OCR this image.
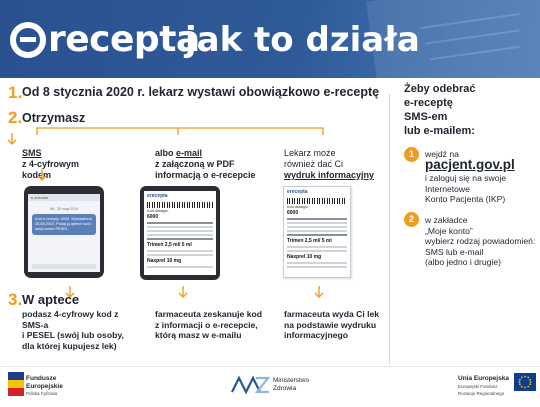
recepta
jak to działa
1. Od 8 stycznia 2020 r. lekarz wystawi obowiązkowo e-receptę
2. Otrzymasz
SMS
z 4-cyfrowym
kodem
albo e-mail
z załączoną w PDF
informacją o e-recepcie
Lekarz może
również dać Ci
wydruk informacyjny
e-zdrowie
Wt., 28 maja 2019
Kod e-recepty: 6000. Wystawiona 28.05.2019. Podaj ją aptece kod i swój numer PESEL
erecepta
Kod dostępu
6000
Trimen 2,5 ml/ 5 ml
Naxprel 10 mg
erecepta
Kod dostępu
6000
Trimen 2,5 ml/ 5 ml
Naxprel 10 mg
3. W aptece
podasz 4-cyfrowy kod z SMS-a
i PESEL (swój lub osoby,
dla której kupujesz lek)
farmaceuta zeskanuje kod
z informacji o e-recepcie,
którą masz w e-mailu
farmaceuta wyda Ci lek
na podstawie wydruku
informacyjnego
Żeby odebrać
e-receptę
SMS-em
lub e-mailem:
1	wejdź na
pacjent.gov.pl
i zaloguj się na swoje
Internetowe
Konto Pacjenta (IKP)
2	w zakładce
„Moje konto”
wybierz rodzaj powiadomień:
SMS lub e-mail
(albo jedno i drugie)
Fundusze
Europejskie
Polska Cyfrowa
Ministerstwo
Zdrowia
Unia Europejska
Europejski Fundusz
Rozwoju Regionalnego
